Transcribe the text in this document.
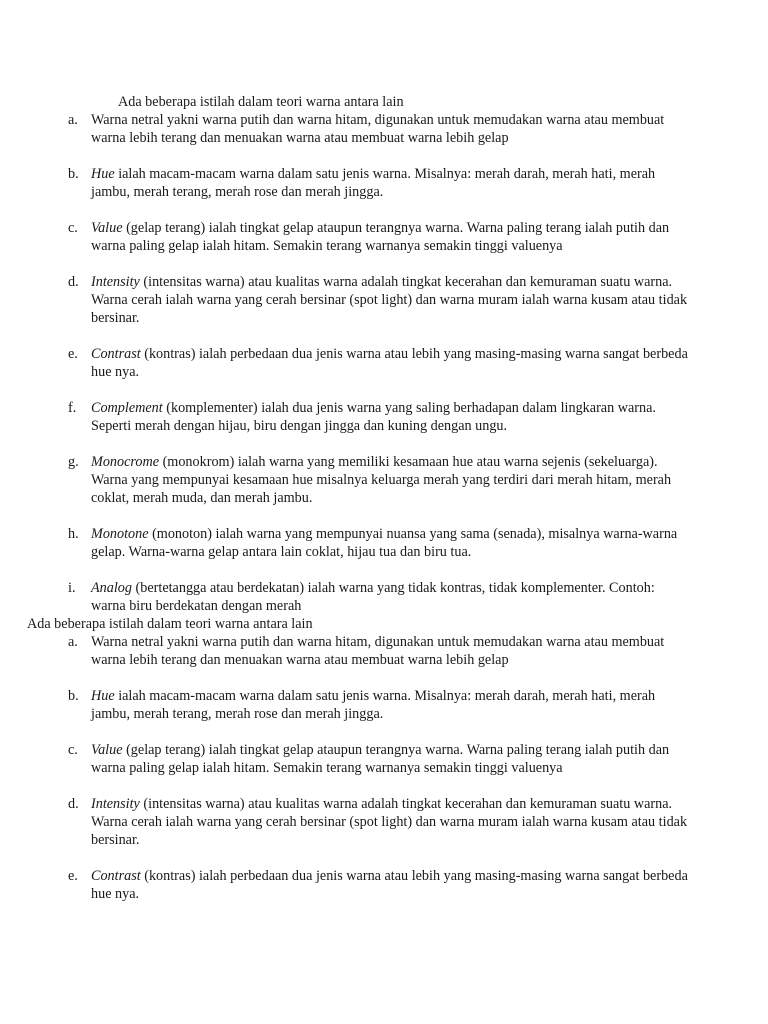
Ada beberapa istilah dalam teori warna antara lain
a. Warna netral yakni warna putih dan warna hitam, digunakan untuk memudakan warna atau membuat warna lebih terang dan menuakan warna atau membuat warna lebih gelap
b. Hue ialah macam-macam warna dalam satu jenis warna. Misalnya: merah darah, merah hati, merah jambu, merah terang, merah rose dan merah jingga.
c. Value (gelap terang) ialah tingkat gelap ataupun terangnya warna. Warna paling terang ialah putih dan warna paling gelap ialah hitam. Semakin terang warnanya semakin tinggi valuenya
d. Intensity (intensitas warna) atau kualitas warna adalah tingkat kecerahan dan kemuraman suatu warna. Warna cerah ialah warna yang cerah bersinar (spot light) dan warna muram ialah warna kusam atau tidak bersinar.
e. Contrast (kontras) ialah perbedaan dua jenis warna atau lebih yang masing-masing warna sangat berbeda hue nya.
f. Complement (komplementer) ialah dua jenis warna yang saling berhadapan dalam lingkaran warna. Seperti merah dengan hijau, biru dengan jingga dan kuning dengan ungu.
g. Monocrome (monokrom) ialah warna yang memiliki kesamaan hue atau warna sejenis (sekeluarga). Warna yang mempunyai kesamaan hue misalnya keluarga merah yang terdiri dari merah hitam, merah coklat, merah muda, dan merah jambu.
h. Monotone (monoton) ialah warna yang mempunyai nuansa yang sama (senada), misalnya warna-warna gelap. Warna-warna gelap antara lain coklat, hijau tua dan biru tua.
i. Analog (bertetangga atau berdekatan) ialah warna yang tidak kontras, tidak komplementer. Contoh: warna biru berdekatan dengan merah
Ada beberapa istilah dalam teori warna antara lain
a. Warna netral yakni warna putih dan warna hitam, digunakan untuk memudakan warna atau membuat warna lebih terang dan menuakan warna atau membuat warna lebih gelap
b. Hue ialah macam-macam warna dalam satu jenis warna. Misalnya: merah darah, merah hati, merah jambu, merah terang, merah rose dan merah jingga.
c. Value (gelap terang) ialah tingkat gelap ataupun terangnya warna. Warna paling terang ialah putih dan warna paling gelap ialah hitam. Semakin terang warnanya semakin tinggi valuenya
d. Intensity (intensitas warna) atau kualitas warna adalah tingkat kecerahan dan kemuraman suatu warna. Warna cerah ialah warna yang cerah bersinar (spot light) dan warna muram ialah warna kusam atau tidak bersinar.
e. Contrast (kontras) ialah perbedaan dua jenis warna atau lebih yang masing-masing warna sangat berbeda hue nya.
